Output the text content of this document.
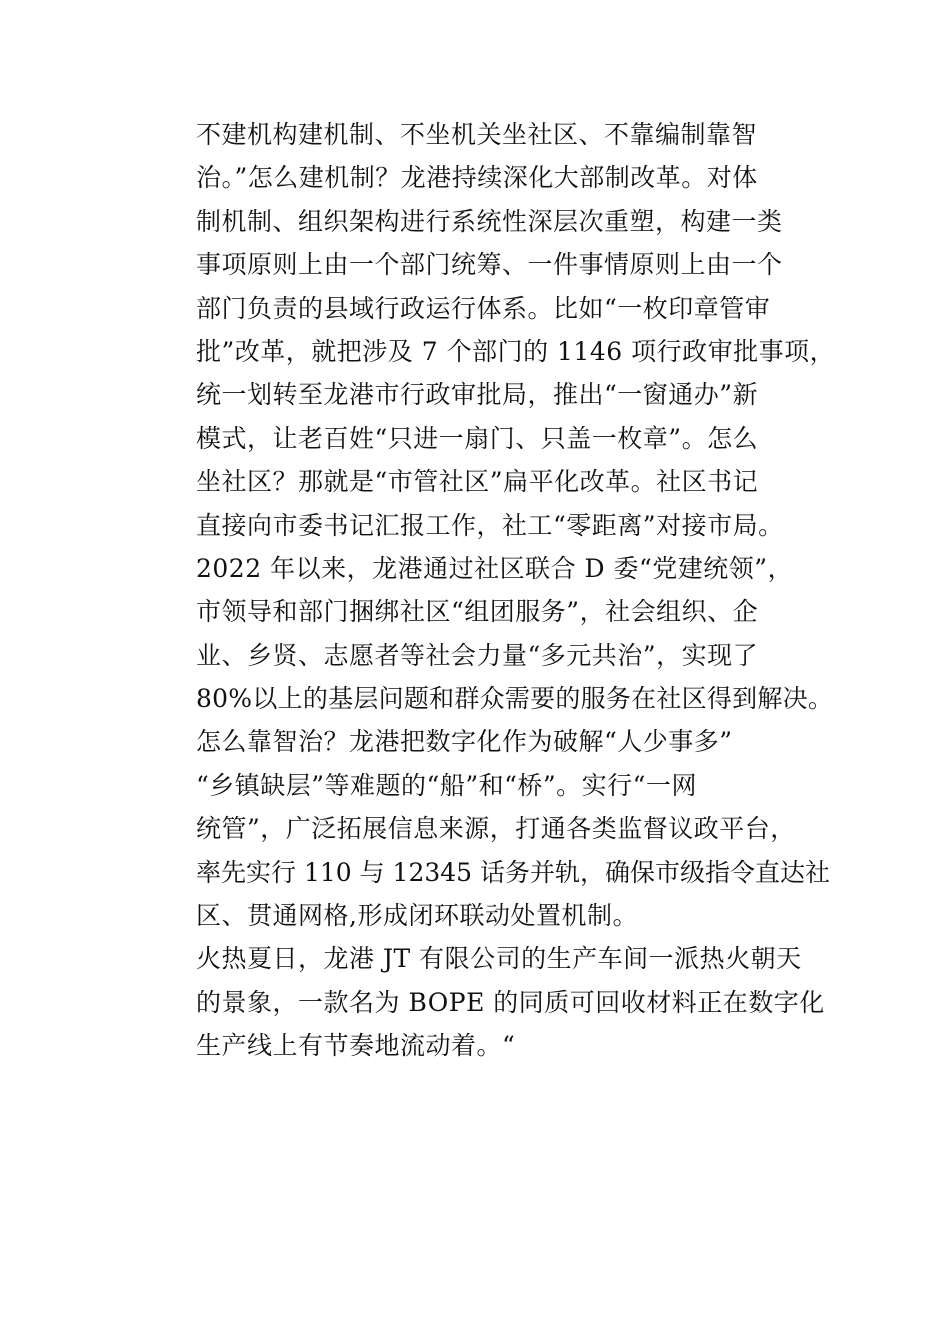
不建机构建机制、不坐机关坐社区、不靠编制靠智
治。”怎么建机制？龙港持续深化大部制改革。对体
制机制、组织架构进行系统性深层次重塑，构建一类
事项原则上由一个部门统筹、一件事情原则上由一个
部门负责的县域行政运行体系。比如“一枚印章管审
批”改革，就把涉及 7 个部门的 1146 项行政审批事项，
统一划转至龙港市行政审批局，推出“一窗通办”新
模式，让老百姓“只进一扇门、只盖一枚章”。怎么
坐社区？那就是“市管社区”扁平化改革。社区书记
直接向市委书记汇报工作，社工“零距离”对接市局。
2022 年以来，龙港通过社区联合 D 委“党建统领”，
市领导和部门捆绑社区“组团服务”，社会组织、企
业、乡贤、志愿者等社会力量“多元共治”，实现了
80%以上的基层问题和群众需要的服务在社区得到解决。
怎么靠智治？龙港把数字化作为破解“人少事多”
“乡镇缺层”等难题的“船”和“桥”。实行“一网
统管”，广泛拓展信息来源，打通各类监督议政平台，
率先实行 110 与 12345 话务并轨，确保市级指令直达社
区、贯通网格,形成闭环联动处置机制。
火热夏日，龙港 JT 有限公司的生产车间一派热火朝天
的景象，一款名为 BOPE 的同质可回收材料正在数字化
生产线上有节奏地流动着。“
